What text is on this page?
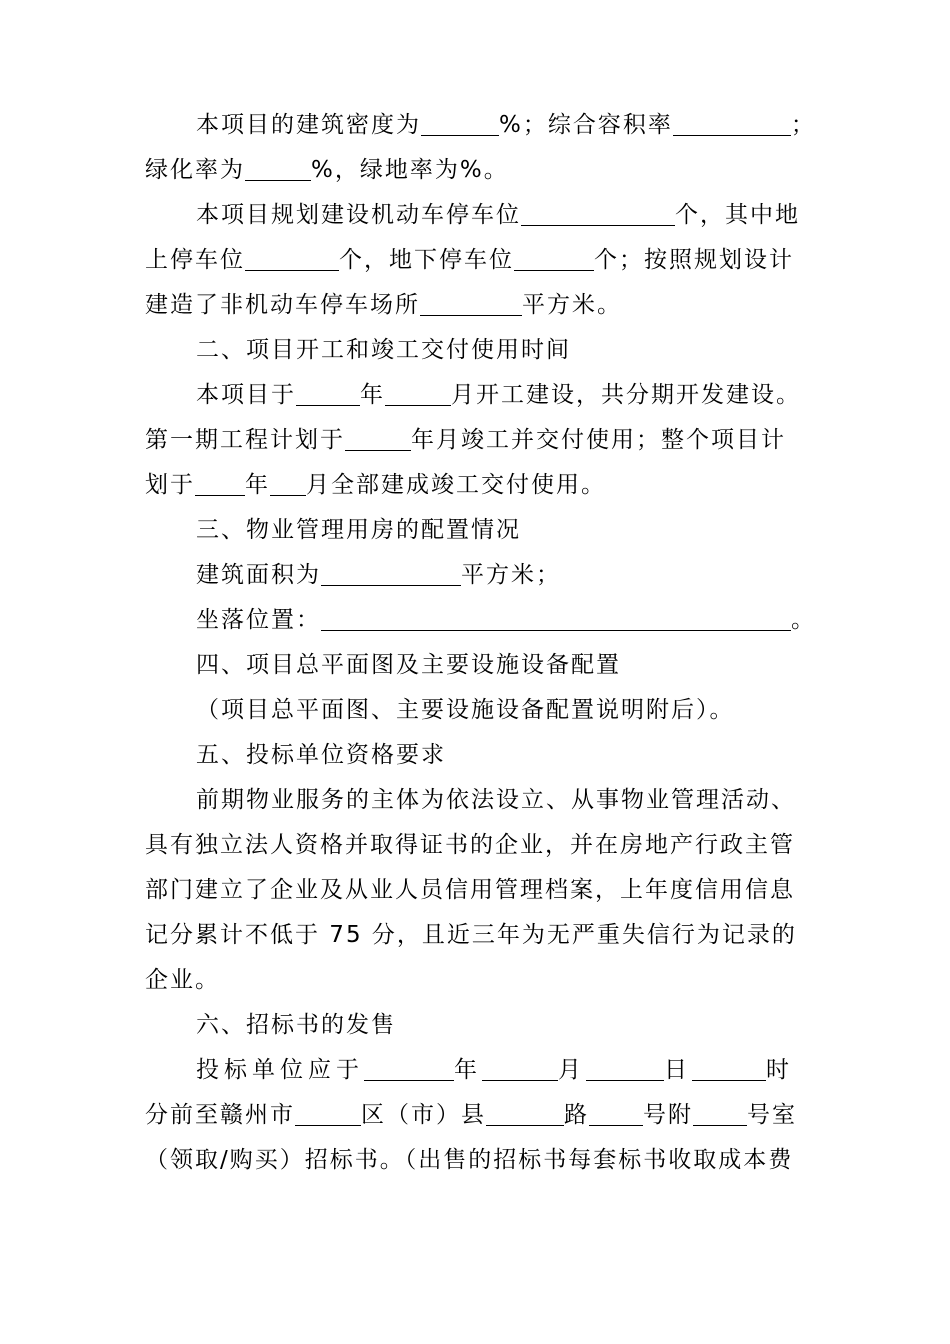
本项目的建筑密度为	%；综合容积率	；
绿化率为	%，绿地率为%。
本项目规划建设机动车停车位	个，其中地
上停车位	个，地下停车位	个；按照规划设计
建造了非机动车停车场所	平方米。
二、项目开工和竣工交付使用时间
本项目于	年	月开工建设，共分期开发建设。
第一期工程计划于	年月竣工并交付使用；整个项目计
划于 年 月全部建成竣工交付使用。
三、物业管理用房的配置情况
建筑面积为	平方米；
坐落位置：	。
四、项目总平面图及主要设施设备配置
（项目总平面图、主要设施设备配置说明附后）。
五、投标单位资格要求
前期物业服务的主体为依法设立、从事物业管理活动、
具有独立法人资格并取得证书的企业，并在房地产行政主管
部门建立了企业及从业人员信用管理档案，上年度信用信息
记分累计不低于 75 分，且近三年为无严重失信行为记录的
企业。
六、招标书的发售
投标单位应于	年	月	日	时
分前至赣州市	区（市）县	路 号附 号室
（领取/购买）招标书。（出售的招标书每套标书收取成本费
